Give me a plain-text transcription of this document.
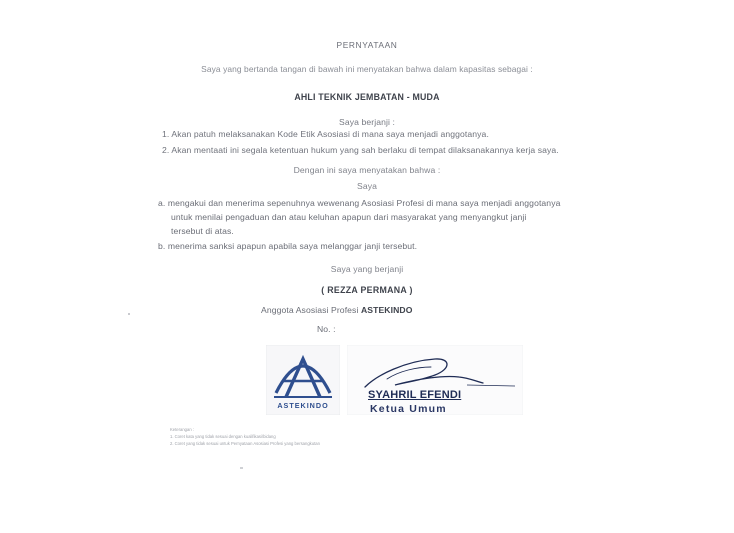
PERNYATAAN
Saya yang bertanda tangan di bawah ini menyatakan bahwa dalam kapasitas sebagai :
AHLI TEKNIK JEMBATAN - MUDA
Saya berjanji :
1. Akan patuh melaksanakan Kode Etik Asosiasi di mana saya menjadi anggotanya.
2. Akan mentaati ini segala ketentuan hukum yang sah berlaku di tempat dilaksanakannya kerja saya.
Dengan ini saya menyatakan bahwa :
Saya
a. mengakui dan menerima sepenuhnya wewenang Asosiasi Profesi di mana saya menjadi anggotanya
untuk menilai pengaduan dan atau keluhan apapun dari masyarakat yang menyangkut janji
tersebut di atas.
b. menerima sanksi apapun apabila saya melanggar janji tersebut.
Saya yang berjanji
( REZZA PERMANA )
Anggota Asosiasi Profesi ASTEKINDO
No. :
ASTEKINDO
SYAHRIL EFENDI
Ketua Umum
Keterangan :
1. Coret kata yang tidak sesuai dengan kualifikasi/bidang
2. Coret yang tidak sesuai untuk Pernyataan Asosiasi Profesi yang bersangkutan
